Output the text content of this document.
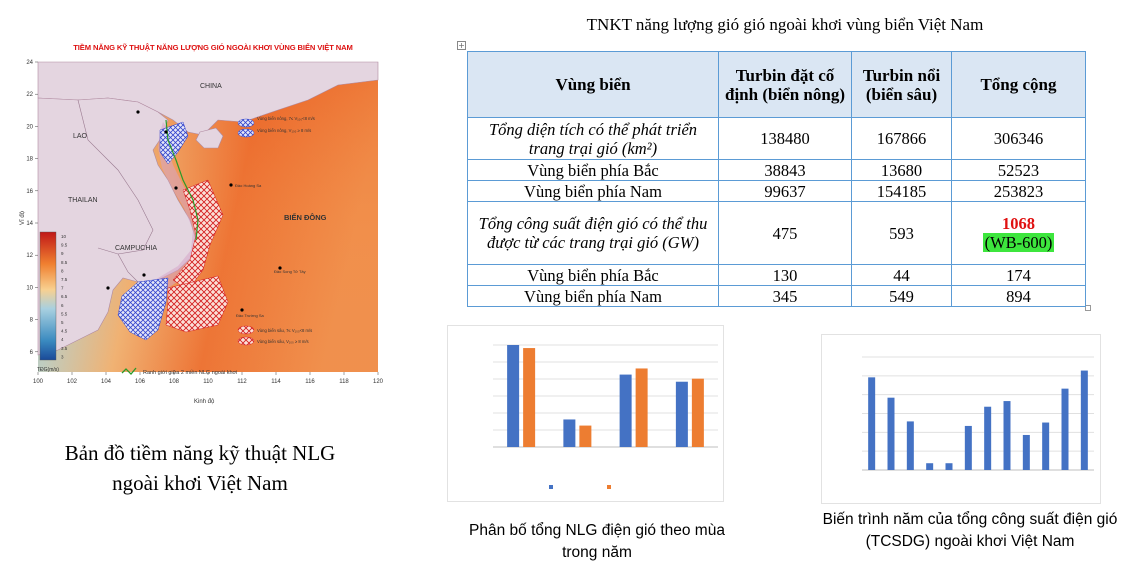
10
9.5
9
8.5
8
7.5
7
6.5
6
5.5
5
4.5
4
3.5
3
100	102	104	106	108	110	112	114	116	118	120
24
22
20
18
16
14
12
10
8
6
CHINA
LAO
THAILAN
CAMPUCHIA
BIỂN ĐÔNG
Đảo Hoàng Sa
Đảo Song Tử Tây
Đảo Trường Sa
Vùng biển nông, 7≤ V₁₀₀<8 m/s
Vùng biển nông, V₁₀₀ ≥ 8 m/s
Vùng biển sâu, 7≤ V₁₀₀<8 m/s
Vùng biển sâu, V₁₀₀ ≥ 8 m/s
Ranh giới giữa 2 miền NLG ngoài khơi
TĐG(m/s)
Kinh độ
Vĩ độ
TIỀM NĂNG KỸ THUẬT NĂNG LƯỢNG GIÓ NGOÀI KHƠI VÙNG BIỂN VIỆT NAM
Bản đồ tiềm năng kỹ thuật NLG
ngoài khơi Việt Nam
TNKT năng lượng gió gió ngoài khơi vùng biển Việt Nam
+
Vùng biển	Turbin đặt cố định (biển nông)	Turbin nổi (biển sâu)	Tổng cộng
Tổng diện tích có thể phát triển trang trại gió (km²)	138480	167866	306346
Vùng biển phía Bắc	38843	13680	52523
Vùng biển phía Nam	99637	154185	253823
Tổng công suất điện gió có thể thu được từ các trang trại gió (GW)	475	593	1068
(WB-600)
Vùng biển phía Bắc	130	44	174
Vùng biển phía Nam	345	549	894
Phân bố tổng NLG điện gió theo mùa trong năm
Biến trình năm của tổng công suất điện gió (TCSDG) ngoài khơi Việt Nam
